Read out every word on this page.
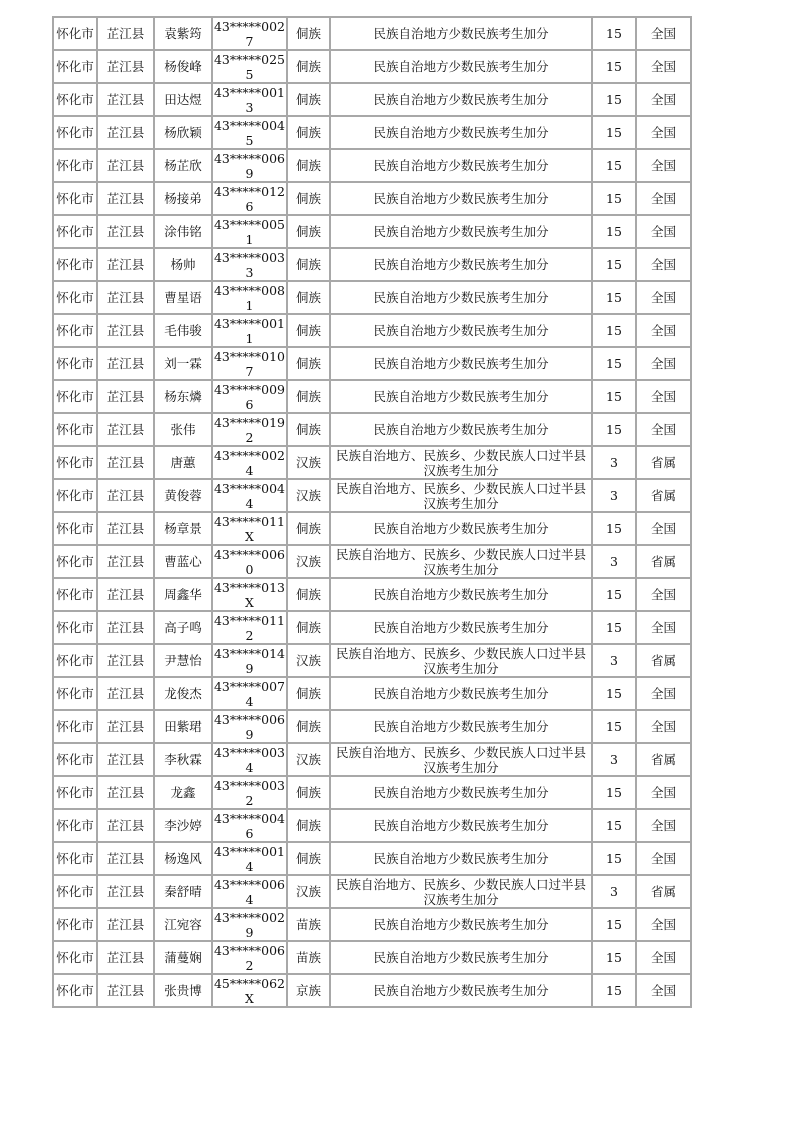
怀化市	芷江县	袁紫筠	43*****0027	侗族	民族自治地方少数民族考生加分	15	全国
怀化市	芷江县	杨俊峰	43*****0255	侗族	民族自治地方少数民族考生加分	15	全国
怀化市	芷江县	田达煜	43*****0013	侗族	民族自治地方少数民族考生加分	15	全国
怀化市	芷江县	杨欣颖	43*****0045	侗族	民族自治地方少数民族考生加分	15	全国
怀化市	芷江县	杨芷欣	43*****0069	侗族	民族自治地方少数民族考生加分	15	全国
怀化市	芷江县	杨接弟	43*****0126	侗族	民族自治地方少数民族考生加分	15	全国
怀化市	芷江县	涂伟铭	43*****0051	侗族	民族自治地方少数民族考生加分	15	全国
怀化市	芷江县	杨帅	43*****0033	侗族	民族自治地方少数民族考生加分	15	全国
怀化市	芷江县	曹星语	43*****0081	侗族	民族自治地方少数民族考生加分	15	全国
怀化市	芷江县	毛伟骏	43*****0011	侗族	民族自治地方少数民族考生加分	15	全国
怀化市	芷江县	刘一霖	43*****0107	侗族	民族自治地方少数民族考生加分	15	全国
怀化市	芷江县	杨东燐	43*****0096	侗族	民族自治地方少数民族考生加分	15	全国
怀化市	芷江县	张伟	43*****0192	侗族	民族自治地方少数民族考生加分	15	全国
怀化市	芷江县	唐蕙	43*****0024	汉族	民族自治地方、民族乡、少数民族人口过半县汉族考生加分	3	省属
怀化市	芷江县	黄俊蓉	43*****0044	汉族	民族自治地方、民族乡、少数民族人口过半县汉族考生加分	3	省属
怀化市	芷江县	杨章景	43*****011X	侗族	民族自治地方少数民族考生加分	15	全国
怀化市	芷江县	曹蓝心	43*****0060	汉族	民族自治地方、民族乡、少数民族人口过半县汉族考生加分	3	省属
怀化市	芷江县	周鑫华	43*****013X	侗族	民族自治地方少数民族考生加分	15	全国
怀化市	芷江县	高子鸣	43*****0112	侗族	民族自治地方少数民族考生加分	15	全国
怀化市	芷江县	尹慧怡	43*****0149	汉族	民族自治地方、民族乡、少数民族人口过半县汉族考生加分	3	省属
怀化市	芷江县	龙俊杰	43*****0074	侗族	民族自治地方少数民族考生加分	15	全国
怀化市	芷江县	田紫珺	43*****0069	侗族	民族自治地方少数民族考生加分	15	全国
怀化市	芷江县	李秋霖	43*****0034	汉族	民族自治地方、民族乡、少数民族人口过半县汉族考生加分	3	省属
怀化市	芷江县	龙鑫	43*****0032	侗族	民族自治地方少数民族考生加分	15	全国
怀化市	芷江县	李沙婷	43*****0046	侗族	民族自治地方少数民族考生加分	15	全国
怀化市	芷江县	杨逸风	43*****0014	侗族	民族自治地方少数民族考生加分	15	全国
怀化市	芷江县	秦舒晴	43*****0064	汉族	民族自治地方、民族乡、少数民族人口过半县汉族考生加分	3	省属
怀化市	芷江县	江宛容	43*****0029	苗族	民族自治地方少数民族考生加分	15	全国
怀化市	芷江县	蒲蔓娴	43*****0062	苗族	民族自治地方少数民族考生加分	15	全国
怀化市	芷江县	张贵博	45*****062X	京族	民族自治地方少数民族考生加分	15	全国
